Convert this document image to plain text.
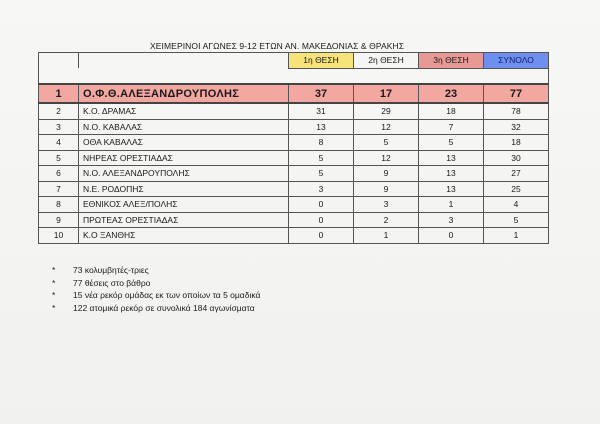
ΧΕΙΜΕΡΙΝΟΙ ΑΓΩΝΕΣ 9-12 ΕΤΩΝ ΑΝ. ΜΑΚΕΔΟΝΙΑΣ & ΘΡΑΚΗΣ
		1η ΘΕΣΗ	2η ΘΕΣΗ	3η ΘΕΣΗ	ΣΥΝΟΛΟ

1	Ο.Φ.Θ.ΑΛΕΞΑΝΔΡΟΥΠΟΛΗΣ	37	17	23	77
2	Κ.Ο. ΔΡΑΜΑΣ	31	29	18	78
3	Ν.Ο. ΚΑΒΑΛΑΣ	13	12	7	32
4	ΟΘΑ ΚΑΒΑΛΑΣ	8	5	5	18
5	ΝΗΡΕΑΣ ΟΡΕΣΤΙΑΔΑΣ	5	12	13	30
6	Ν.Ο. ΑΛΕΞΑΝΔΡΟΥΠΟΛΗΣ	5	9	13	27
7	Ν.Ε. ΡΟΔΟΠΗΣ	3	9	13	25
8	ΕΘΝΙΚΟΣ ΑΛΕΞ/ΠΟΛΗΣ	0	3	1	4
9	ΠΡΩΤΕΑΣ ΟΡΕΣΤΙΑΔΑΣ	0	2	3	5
10	Κ.Ο ΞΑΝΘΗΣ	0	1	0	1
* 73 κολυμβητές-τριες
* 77 θέσεις στο βάθρο
* 15 νέα ρεκόρ ομάδας εκ των οποίων τα 5 ομαδικά
* 122 ατομικά ρεκόρ σε συνολικά 184 αγωνίσματα
